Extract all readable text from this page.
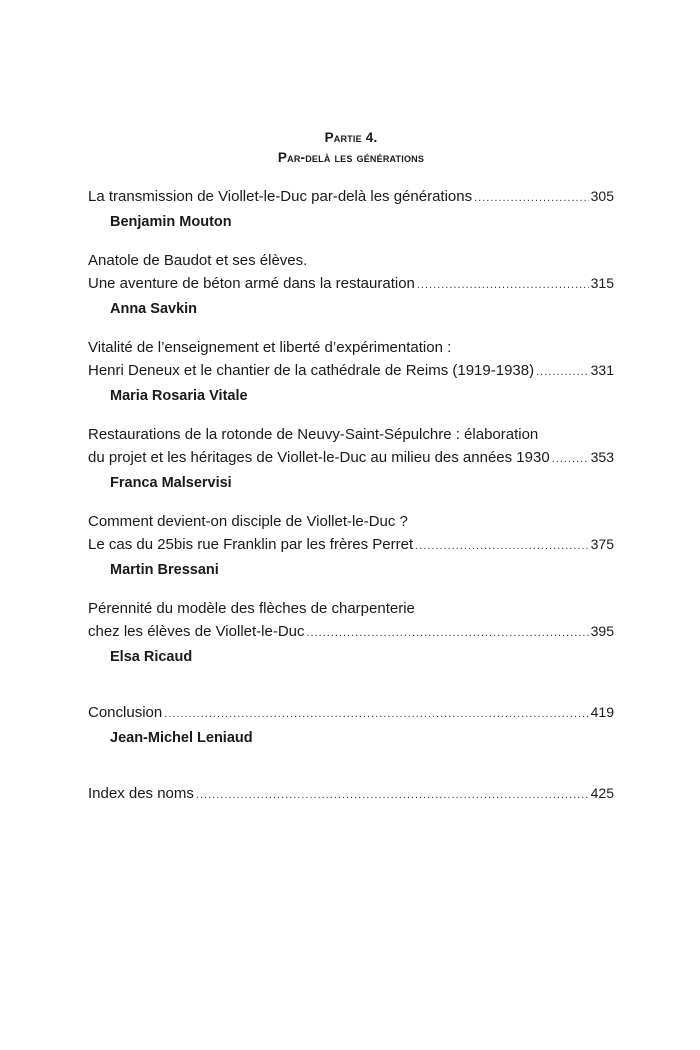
Partie 4.
Par-delà les générations
La transmission de Viollet-le-Duc par-delà les générations .....	305
Benjamin Mouton
Anatole de Baudot et ses élèves.
Une aventure de béton armé dans la restauration .....	315
Anna Savkin
Vitalité de l’enseignement et liberté d’expérimentation :
Henri Deneux et le chantier de la cathédrale de Reims (1919-1938) .....	331
Maria Rosaria Vitale
Restaurations de la rotonde de Neuvy-Saint-Sépulchre : élaboration
du projet et les héritages de Viollet-le-Duc au milieu des années 1930 .....	353
Franca Malservisi
Comment devient-on disciple de Viollet-le-Duc ?
Le cas du 25bis rue Franklin par les frères Perret .....	375
Martin Bressani
Pérennité du modèle des flèches de charpenterie
chez les élèves de Viollet-le-Duc .....	395
Elsa Ricaud
Conclusion .....	419
Jean-Michel Leniaud
Index des noms .....	425
